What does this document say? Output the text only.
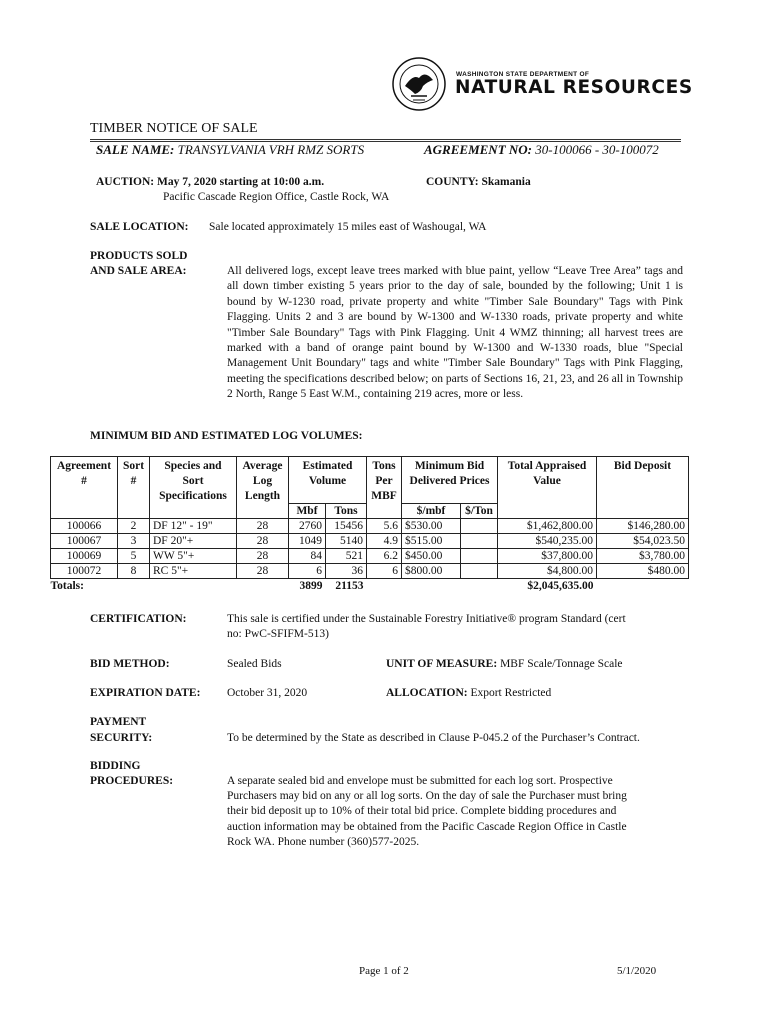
WASHINGTON STATE DEPARTMENT OF
NATURAL RESOURCES
TIMBER NOTICE OF SALE
SALE NAME: TRANSYLVANIA VRH RMZ SORTS	AGREEMENT NO: 30-100066 - 30-100072
AUCTION: May 7, 2020 starting at 10:00 a.m.
Pacific Cascade Region Office, Castle Rock, WA
COUNTY: Skamania
SALE LOCATION: Sale located approximately 15 miles east of Washougal, WA
PRODUCTS SOLD
AND SALE AREA:	All delivered logs, except leave trees marked with blue paint, yellow “Leave Tree Area” tags and all down timber existing 5 years prior to the day of sale, bounded by the following; Unit 1 is bound by W-1230 road, private property and white "Timber Sale Boundary" Tags with Pink Flagging. Units 2 and 3 are bound by W-1300 and W-1330 roads, private property and white "Timber Sale Boundary" Tags with Pink Flagging. Unit 4 WMZ thinning; all harvest trees are marked with a band of orange paint bound by W-1300 and W-1330 roads, blue "Special Management Unit Boundary" tags and white "Timber Sale Boundary" Tags with Pink Flagging, meeting the specifications described below; on parts of Sections 16, 21, 23, and 26 all in Township 2 North, Range 5 East W.M., containing 219 acres, more or less.
MINIMUM BID AND ESTIMATED LOG VOLUMES:
Agreement #	Sort #	Species and Sort Specifications	Average Log Length	Estimated Volume		Tons Per MBF	Minimum Bid Delivered Prices		Total Appraised Value	Bid Deposit
				Mbf	Tons		$/mbf	$/Ton		
100066	2	DF 12" - 19"	28	2760	15456	5.6	$530.00		$1,462,800.00	$146,280.00
100067	3	DF 20"+	28	1049	5140	4.9	$515.00		$540,235.00	$54,023.50
100069	5	WW 5"+	28	84	521	6.2	$450.00		$37,800.00	$3,780.00
100072	8	RC 5"+	28	6	36	6	$800.00		$4,800.00	$480.00
Totals:				3899	21153				$2,045,635.00	
CERTIFICATION:	This sale is certified under the Sustainable Forestry Initiative® program Standard (cert
no: PwC-SFIFM-513)
BID METHOD:	Sealed Bids	UNIT OF MEASURE: MBF Scale/Tonnage Scale
EXPIRATION DATE: October 31, 2020	ALLOCATION: Export Restricted
PAYMENT
SECURITY:	To be determined by the State as described in Clause P-045.2 of the Purchaser’s Contract.
BIDDING
PROCEDURES:	A separate sealed bid and envelope must be submitted for each log sort. Prospective
Purchasers may bid on any or all log sorts. On the day of sale the Purchaser must bring
their bid deposit up to 10% of their total bid price. Complete bidding procedures and
auction information may be obtained from the Pacific Cascade Region Office in Castle
Rock WA. Phone number (360)577-2025.
Page 1 of 2	5/1/2020
